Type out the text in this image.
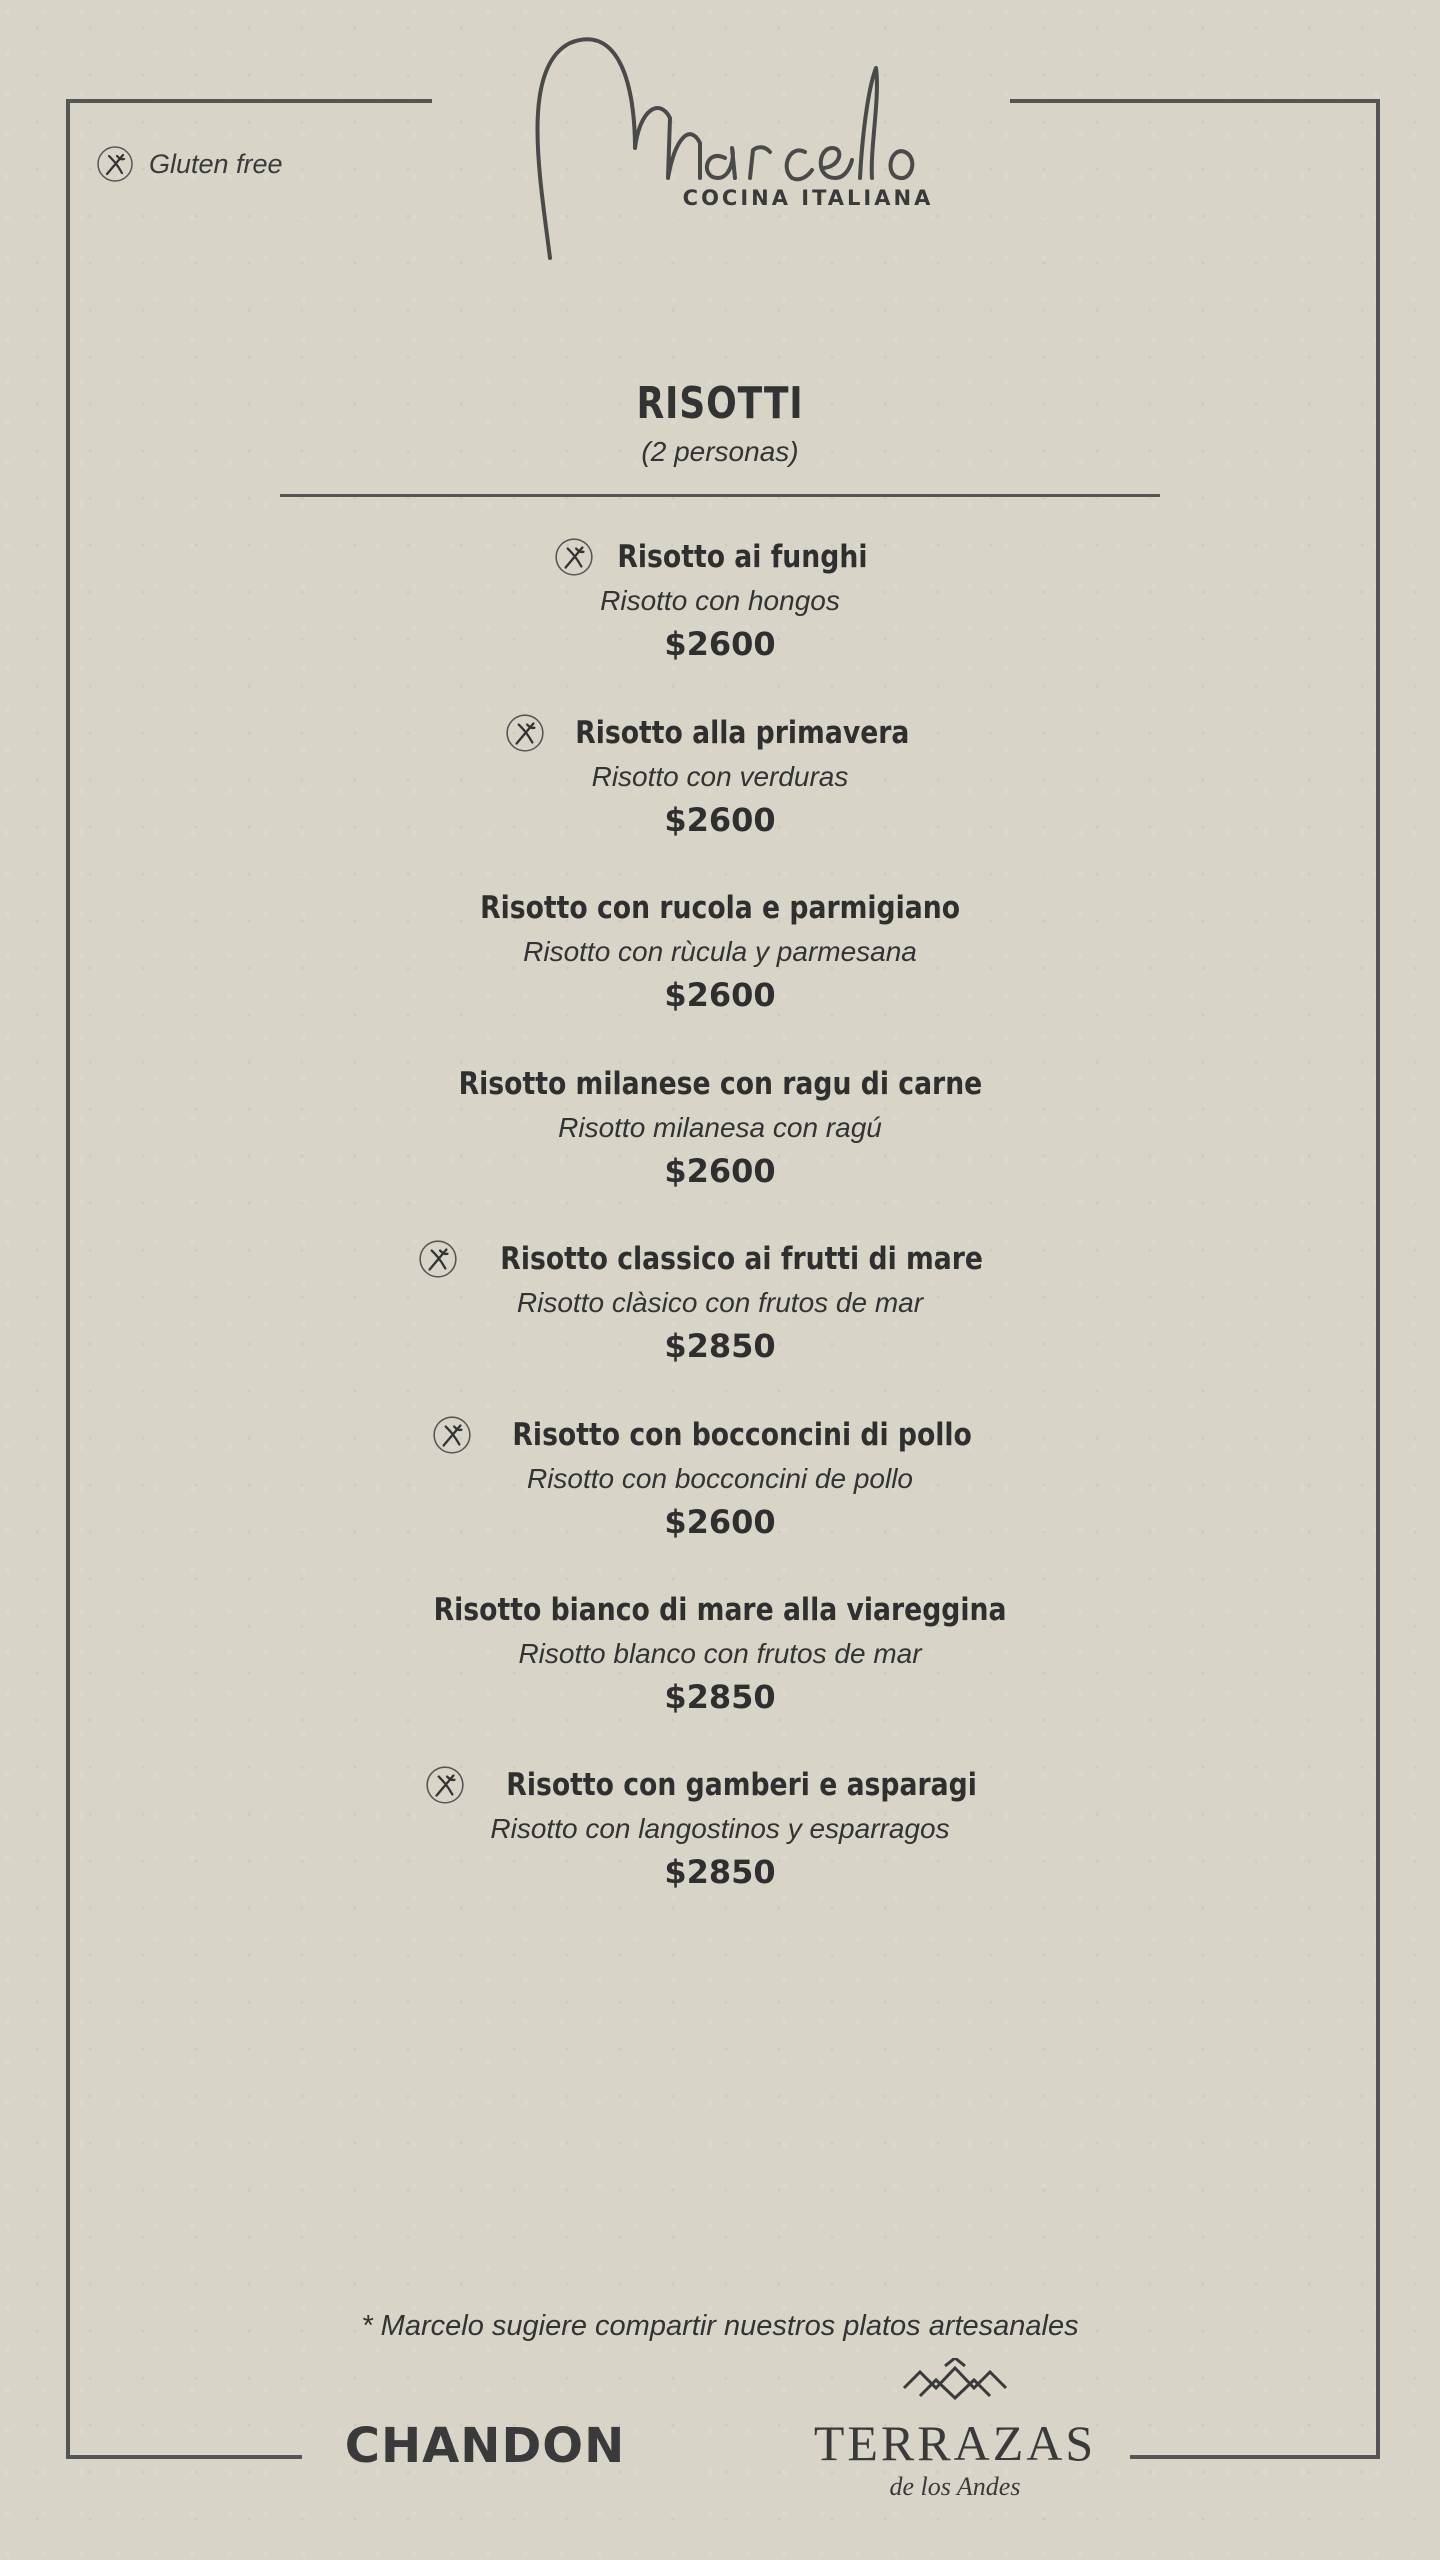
COCINA ITALIANA
Gluten free
RISOTTI
(2 personas)
Risotto ai funghi
Risotto con hongos
$2600
Risotto alla primavera
Risotto con verduras
$2600
Risotto con rucola e parmigiano
Risotto con rùcula y parmesana
$2600
Risotto milanese con ragu di carne
Risotto milanesa con ragú
$2600
Risotto classico ai frutti di mare
Risotto clàsico con frutos de mar
$2850
Risotto con bocconcini di pollo
Risotto con bocconcini de pollo
$2600
Risotto bianco di mare alla viareggina
Risotto blanco con frutos de mar
$2850
Risotto con gamberi e asparagi
Risotto con langostinos y esparragos
$2850
* Marcelo sugiere compartir nuestros platos artesanales
CHANDON	TERRAZAS
de los Andes
